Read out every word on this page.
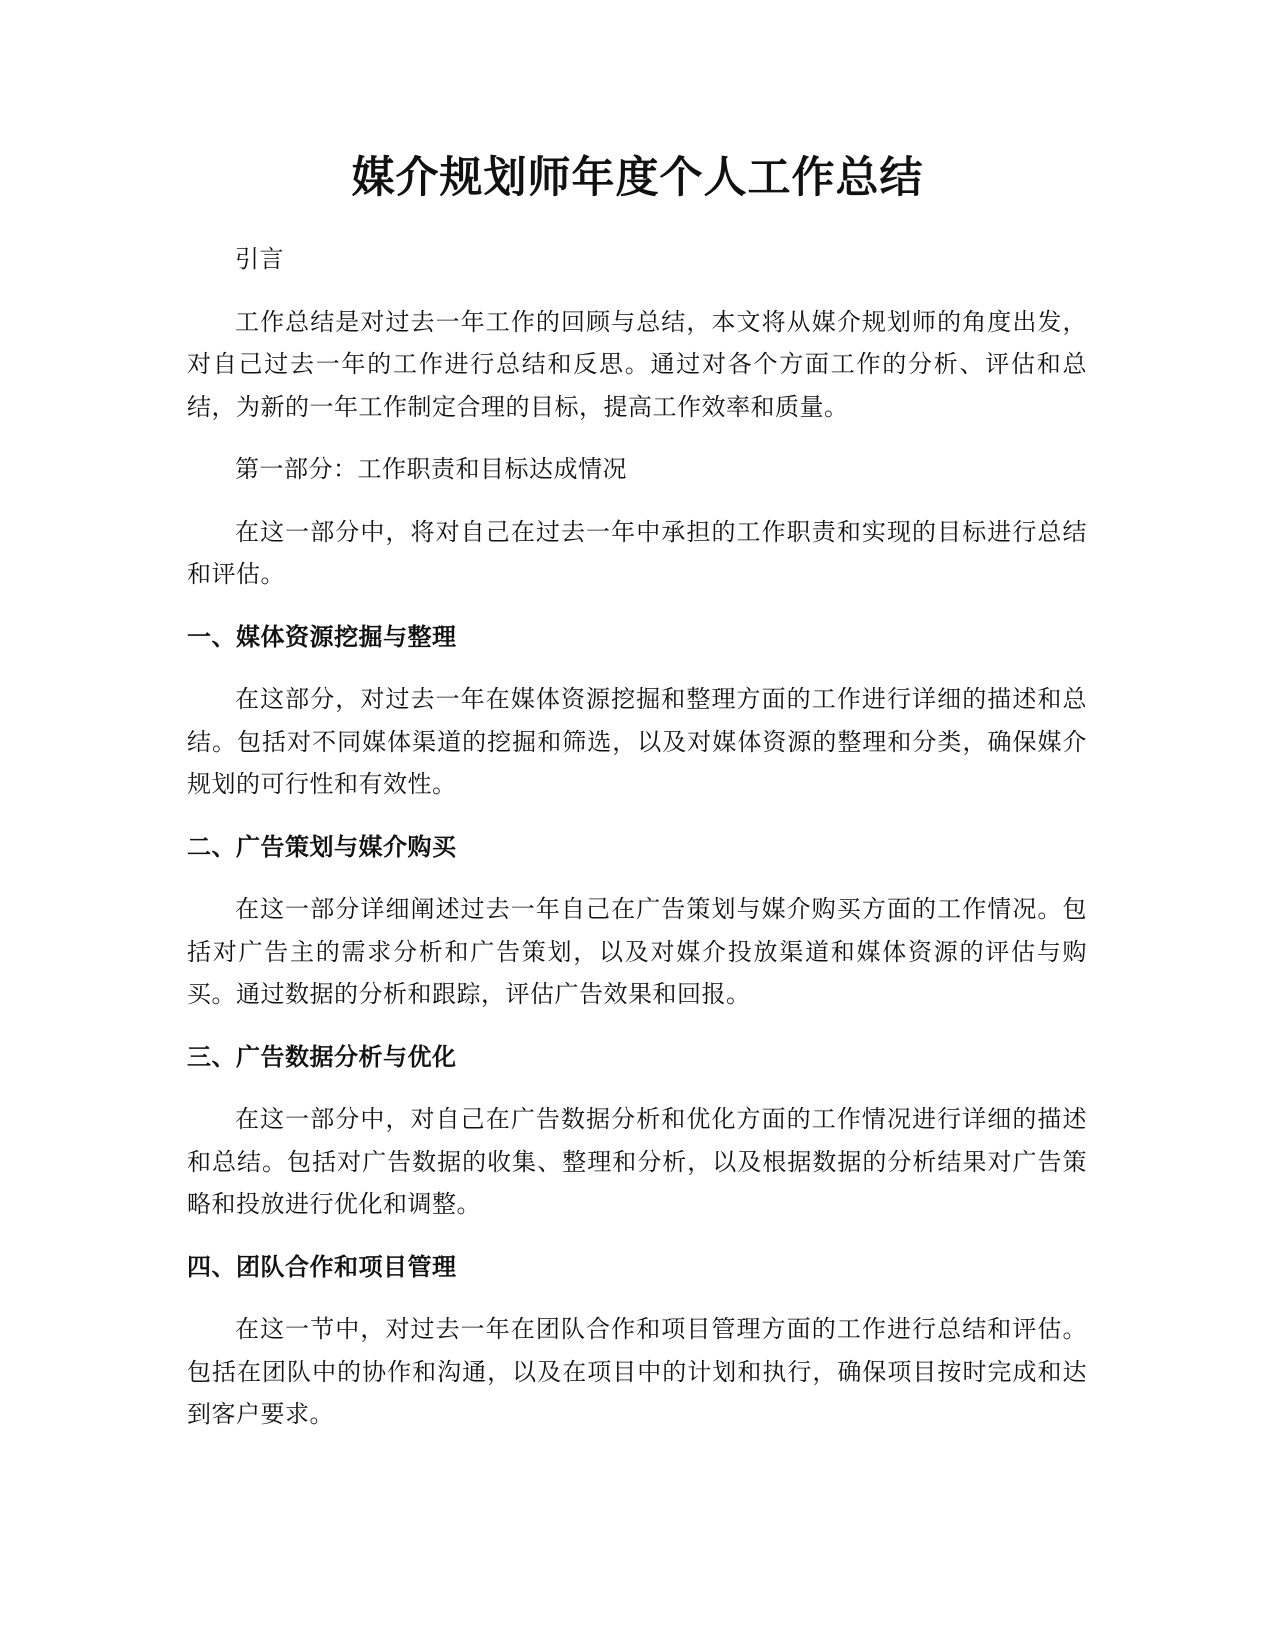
媒介规划师年度个人工作总结

引言

工作总结是对过去一年工作的回顾与总结，本文将从媒介规划师的角度出发，对自己过去一年的工作进行总结和反思。通过对各个方面工作的分析、评估和总结，为新的一年工作制定合理的目标，提高工作效率和质量。

第一部分：工作职责和目标达成情况

在这一部分中，将对自己在过去一年中承担的工作职责和实现的目标进行总结和评估。

一、媒体资源挖掘与整理

在这部分，对过去一年在媒体资源挖掘和整理方面的工作进行详细的描述和总结。包括对不同媒体渠道的挖掘和筛选，以及对媒体资源的整理和分类，确保媒介规划的可行性和有效性。

二、广告策划与媒介购买

在这一部分详细阐述过去一年自己在广告策划与媒介购买方面的工作情况。包括对广告主的需求分析和广告策划，以及对媒介投放渠道和媒体资源的评估与购买。通过数据的分析和跟踪，评估广告效果和回报。

三、广告数据分析与优化

在这一部分中，对自己在广告数据分析和优化方面的工作情况进行详细的描述和总结。包括对广告数据的收集、整理和分析，以及根据数据的分析结果对广告策略和投放进行优化和调整。

四、团队合作和项目管理

在这一节中，对过去一年在团队合作和项目管理方面的工作进行总结和评估。包括在团队中的协作和沟通，以及在项目中的计划和执行，确保项目按时完成和达到客户要求。
